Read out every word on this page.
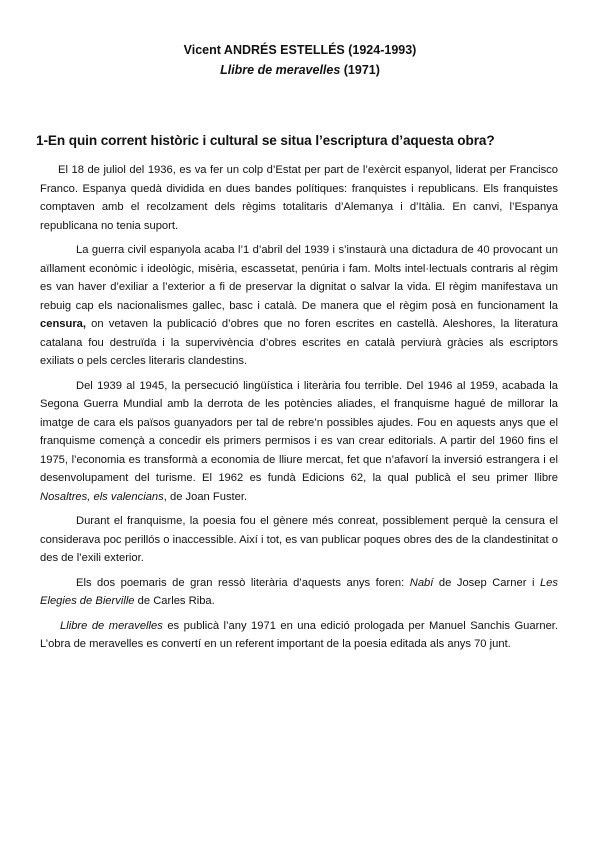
Vicent ANDRÉS ESTELLÉS (1924-1993)
Llibre de meravelles (1971)
1-En quin corrent històric i cultural se situa l’escriptura d’aquesta obra?

El 18 de juliol del 1936, es va fer un colp d’Estat per part de l’exèrcit espanyol, liderat per Francisco Franco. Espanya quedà dividida en dues bandes polítiques: franquistes i republicans. Els franquistes comptaven amb el recolzament dels règims totalitaris d’Alemanya i d’Itàlia. En canvi, l’Espanya republicana no tenia suport.

La guerra civil espanyola acaba l’1 d’abril del 1939 i s’instaurà una dictadura de 40 provocant un aïllament econòmic i ideològic, misèria, escassetat, penúria i fam. Molts intel·lectuals contraris al règim es van haver d’exiliar a l’exterior a fi de preservar la dignitat o salvar la vida. El règim manifestava un rebuig cap els nacionalismes gallec, basc i català. De manera que el règim posà en funcionament la censura, on vetaven la publicació d’obres que no foren escrites en castellà. Aleshores, la literatura catalana fou destruïda i la supervivència d’obres escrites en català perviurà gràcies als escriptors exiliats o pels cercles literaris clandestins.

Del 1939 al 1945, la persecució lingüística i literària fou terrible. Del 1946 al 1959, acabada la Segona Guerra Mundial amb la derrota de les potències aliades, el franquisme hagué de millorar la imatge de cara els països guanyadors per tal de rebre’n possibles ajudes. Fou en aquests anys que el franquisme començà a concedir els primers permisos i es van crear editorials. A partir del 1960 fins el 1975, l’economia es transformà a economia de lliure mercat, fet que n’afavorí la inversió estrangera i el desenvolupament del turisme. El 1962 es fundà Edicions 62, la qual publicà el seu primer llibre Nosaltres, els valencians, de Joan Fuster.

Durant el franquisme, la poesia fou el gènere més conreat, possiblement perquè la censura el considerava poc perillós o inaccessible. Així i tot, es van publicar poques obres des de la clandestinitat o des de l’exili exterior.

Els dos poemaris de gran ressò literària d’aquests anys foren: Nabí de Josep Carner i Les Elegies de Bierville de Carles Riba.

Llibre de meravelles es publicà l’any 1971 en una edició prologada per Manuel Sanchis Guarner. L’obra de meravelles es convertí en un referent important de la poesia editada als anys 70 junt.
